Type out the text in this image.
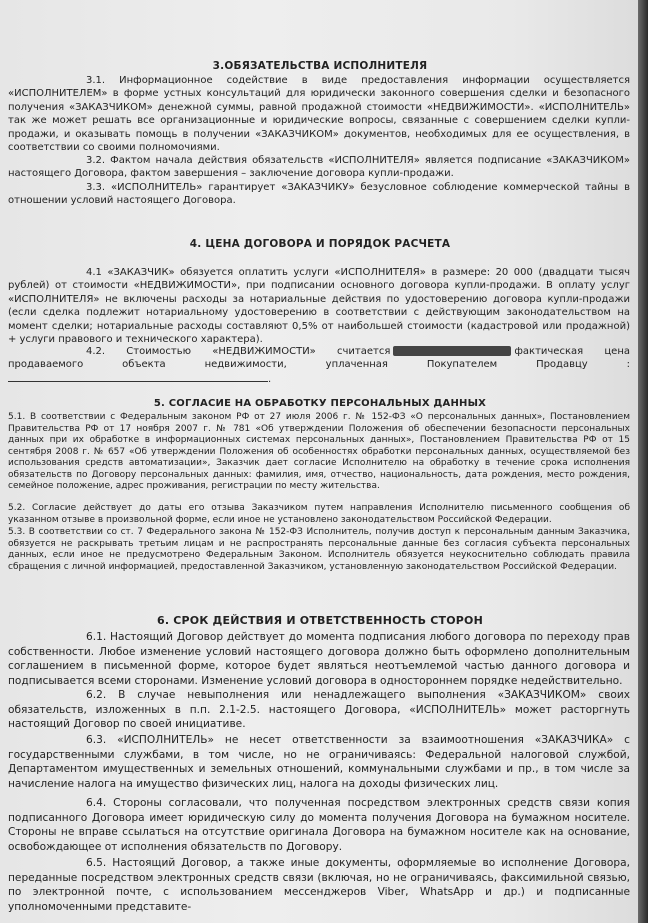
3.ОБЯЗАТЕЛЬСТВА ИСПОЛНИТЕЛЯ
3.1. Информационное содействие в виде предоставления информации осуществляется «ИСПОЛНИТЕЛЕМ» в форме устных консультаций для юридически законного совершения сделки и безопасного получения «ЗАКАЗЧИКОМ» денежной суммы, равной продажной стоимости «НЕДВИЖИМОСТИ». «ИСПОЛНИТЕЛЬ» так же может решать все организационные и юридические вопросы, связанные с совершением сделки купли-продажи, и оказывать помощь в получении «ЗАКАЗЧИКОМ» документов, необходимых для ее осуществления, в соответствии со своими полномочиями.
3.2. Фактом начала действия обязательств «ИСПОЛНИТЕЛЯ» является подписание «ЗАКАЗЧИКОМ» настоящего Договора, фактом завершения – заключение договора купли-продажи.
3.3. «ИСПОЛНИТЕЛЬ» гарантирует «ЗАКАЗЧИКУ» безусловное соблюдение коммерческой тайны в отношении условий настоящего Договора.
4. ЦЕНА ДОГОВОРА И ПОРЯДОК РАСЧЕТА
4.1 «ЗАКАЗЧИК» обязуется оплатить услуги «ИСПОЛНИТЕЛЯ» в размере: 20 000 (двадцати тысяч рублей) от стоимости «НЕДВИЖИМОСТИ», при подписании основного договора купли-продажи. В оплату услуг «ИСПОЛНИТЕЛЯ» не включены расходы за нотариальные действия по удостоверению договора купли-продажи (если сделка подлежит нотариальному удостоверению в соответствии с действующим законодательством на момент сделки; нотариальные расходы составляют 0,5% от наибольшей стоимости (кадастровой или продажной) + услуги правового и технического характера).
4.2. Стоимостью «НЕДВИЖИМОСТИ» считается	фактическая цена продаваемого объекта недвижимости, уплаченная Покупателем Продавцу : .
5. СОГЛАСИЕ НА ОБРАБОТКУ ПЕРСОНАЛЬНЫХ ДАННЫХ
5.1. В соответствии с Федеральным законом РФ от 27 июля 2006 г. № 152-ФЗ «О персональных данных», Постановлением Правительства РФ от 17 ноября 2007 г. № 781 «Об утверждении Положения об обеспечении безопасности персональных данных при их обработке в информационных системах персональных данных», Постановлением Правительства РФ от 15 сентября 2008 г. № 657 «Об утверждении Положения об особенностях обработки персональных данных, осуществляемой без использования средств автоматизации», Заказчик дает согласие Исполнителю на обработку в течение срока исполнения обязательств по Договору персональных данных: фамилия, имя, отчество, национальность, дата рождения, место рождения, семейное положение, адрес проживания, регистрации по месту жительства.
5.2. Согласие действует до даты его отзыва Заказчиком путем направления Исполнителю письменного сообщения об указанном отзыве в произвольной форме, если иное не установлено законодательством Российской Федерации.
5.3. В соответствии со ст. 7 Федерального закона № 152-ФЗ Исполнитель, получив доступ к персональным данным Заказчика, обязуется не раскрывать третьим лицам и не распространять персональные данные без согласия субъекта персональных данных, если иное не предусмотрено Федеральным Законом. Исполнитель обязуется неукоснительно соблюдать правила сбращения с личной информацией, предоставленной Заказчиком, установленную законодательством Российской Федерации.
6. СРОК ДЕЙСТВИЯ И ОТВЕТСТВЕННОСТЬ СТОРОН
6.1. Настоящий Договор действует до момента подписания любого договора по переходу прав собственности. Любое изменение условий настоящего договора должно быть оформлено дополнительным соглашением в письменной форме, которое будет являться неотъемлемой частью данного договора и подписывается всеми сторонами. Изменение условий договора в одностороннем порядке недействительно.
6.2. В случае невыполнения или ненадлежащего выполнения «ЗАКАЗЧИКОМ» своих обязательств, изложенных в п.п. 2.1-2.5. настоящего Договора, «ИСПОЛНИТЕЛЬ» может расторгнуть настоящий Договор по своей инициативе.
6.3. «ИСПОЛНИТЕЛЬ» не несет ответственности за взаимоотношения «ЗАКАЗЧИКА» с государственными службами, в том числе, но не ограничиваясь: Федеральной налоговой службой, Департаментом имущественных и земельных отношений, коммунальными службами и пр., в том числе за начисление налога на имущество физических лиц, налога на доходы физических лиц.
6.4. Стороны согласовали, что полученная посредством электронных средств связи копия подписанного Договора имеет юридическую силу до момента получения Договора на бумажном носителе. Стороны не вправе ссылаться на отсутствие оригинала Договора на бумажном носителе как на основание, освобождающее от исполнения обязательств по Договору.
6.5. Настоящий Договор, а также иные документы, оформляемые во исполнение Договора, переданные посредством электронных средств связи (включая, но не ограничиваясь, факсимильной связью, по электронной почте, с использованием мессенджеров Viber, WhatsApp и др.) и подписанные уполномоченными представите-
